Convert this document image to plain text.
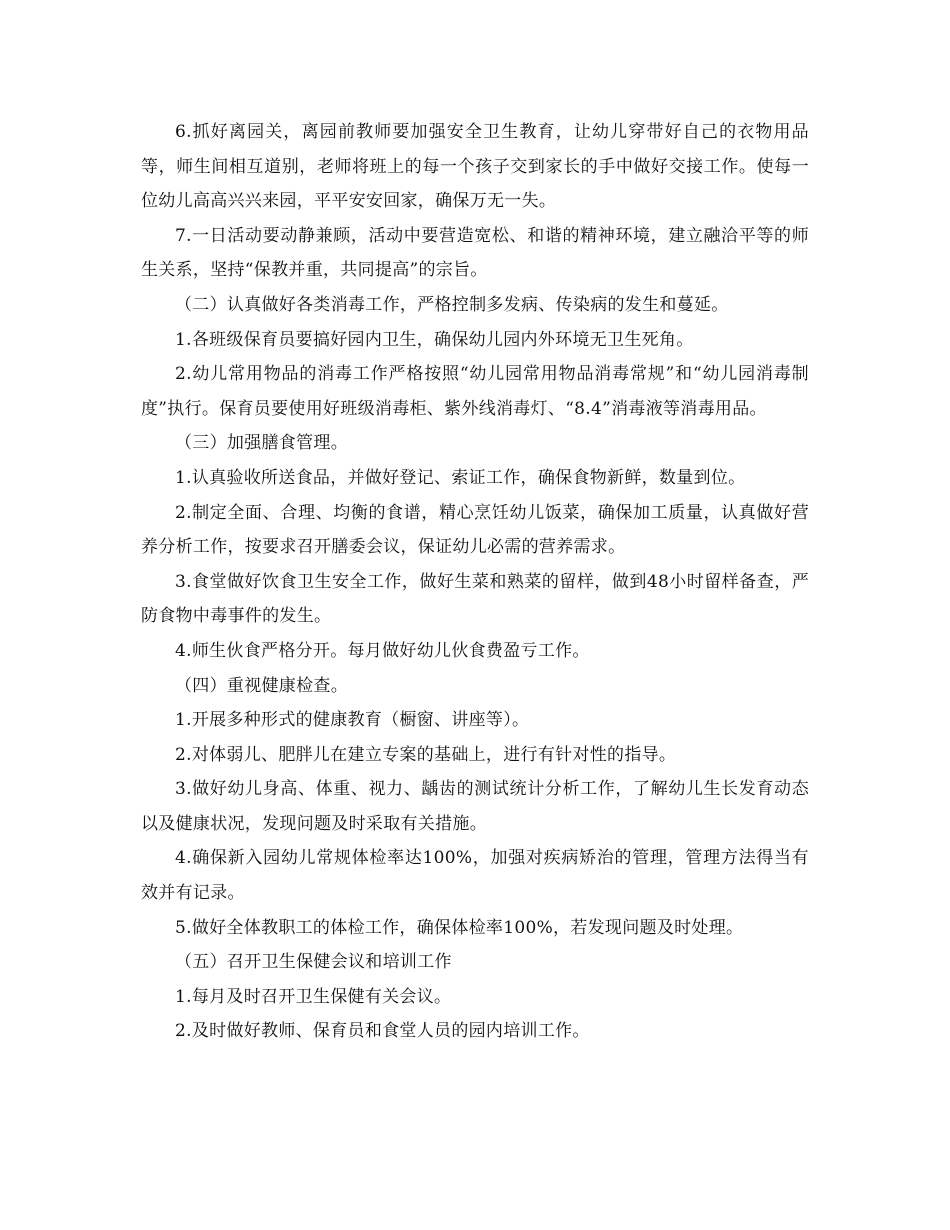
6.抓好离园关，离园前教师要加强安全卫生教育，让幼儿穿带好自己的衣物用品等，师生间相互道别，老师将班上的每一个孩子交到家长的手中做好交接工作。使每一位幼儿高高兴兴来园，平平安安回家，确保万无一失。

7.一日活动要动静兼顾，活动中要营造宽松、和谐的精神环境，建立融洽平等的师生关系，坚持“保教并重，共同提高”的宗旨。

（二）认真做好各类消毒工作，严格控制多发病、传染病的发生和蔓延。

1.各班级保育员要搞好园内卫生，确保幼儿园内外环境无卫生死角。

2.幼儿常用物品的消毒工作严格按照“幼儿园常用物品消毒常规”和“幼儿园消毒制度”执行。保育员要使用好班级消毒柜、紫外线消毒灯、“8.4”消毒液等消毒用品。

（三）加强膳食管理。

1.认真验收所送食品，并做好登记、索证工作，确保食物新鲜，数量到位。

2.制定全面、合理、均衡的食谱，精心烹饪幼儿饭菜，确保加工质量，认真做好营养分析工作，按要求召开膳委会议，保证幼儿必需的营养需求。

3.食堂做好饮食卫生安全工作，做好生菜和熟菜的留样，做到48小时留样备查，严防食物中毒事件的发生。

4.师生伙食严格分开。每月做好幼儿伙食费盈亏工作。

（四）重视健康检查。

1.开展多种形式的健康教育（橱窗、讲座等）。

2.对体弱儿、肥胖儿在建立专案的基础上，进行有针对性的指导。

3.做好幼儿身高、体重、视力、龋齿的测试统计分析工作，了解幼儿生长发育动态以及健康状况，发现问题及时采取有关措施。

4.确保新入园幼儿常规体检率达100%，加强对疾病矫治的管理，管理方法得当有效并有记录。

5.做好全体教职工的体检工作，确保体检率100%，若发现问题及时处理。

（五）召开卫生保健会议和培训工作

1.每月及时召开卫生保健有关会议。

2.及时做好教师、保育员和食堂人员的园内培训工作。
